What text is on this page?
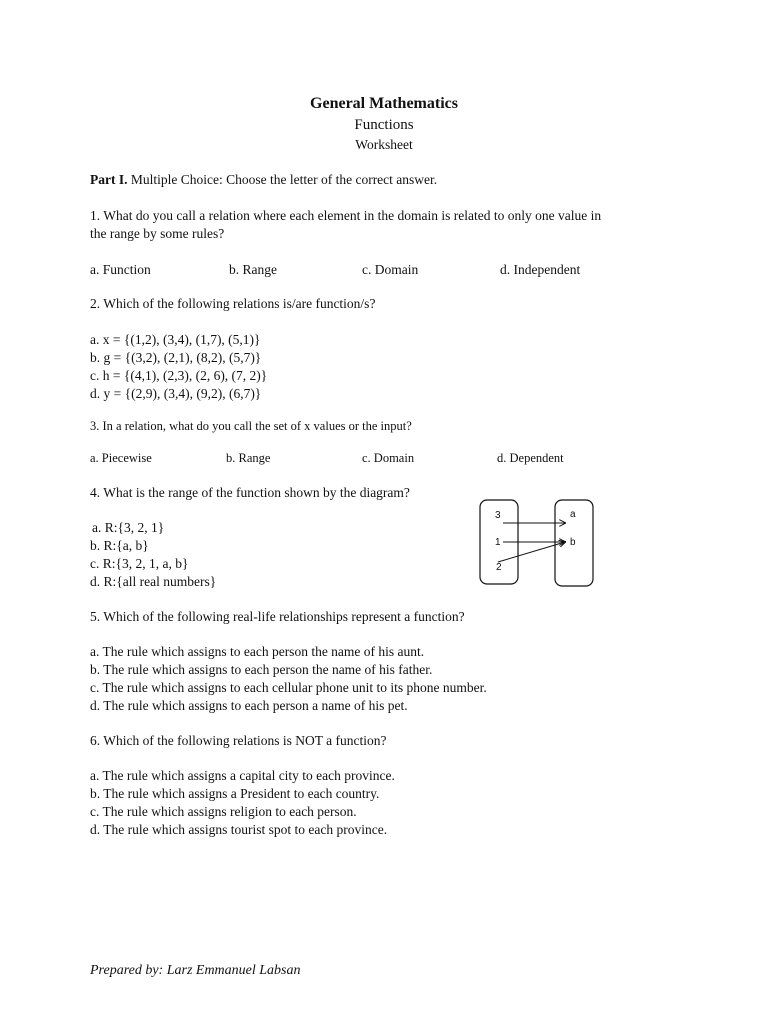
General Mathematics
Functions
Worksheet
Part I. Multiple Choice: Choose the letter of the correct answer.
1. What do you call a relation where each element in the domain is related to only one value in
the range by some rules?
a. Function	b. Range	c. Domain	d. Independent
2. Which of the following relations is/are function/s?
a. x = {(1,2), (3,4), (1,7), (5,1)}
b. g = {(3,2), (2,1), (8,2), (5,7)}
c. h = {(4,1), (2,3), (2, 6), (7, 2)}
d. y = {(2,9), (3,4), (9,2), (6,7)}
3. In a relation, what do you call the set of x values or the input?
a. Piecewise	b. Range	c. Domain	d. Dependent
4. What is the range of the function shown by the diagram?
a. R:{3, 2, 1}
b. R:{a, b}
c. R:{3, 2, 1, a, b}
d. R:{all real numbers}
3
1
2
a
b
5. Which of the following real-life relationships represent a function?
a. The rule which assigns to each person the name of his aunt.
b. The rule which assigns to each person the name of his father.
c. The rule which assigns to each cellular phone unit to its phone number.
d. The rule which assigns to each person a name of his pet.
6. Which of the following relations is NOT a function?
a. The rule which assigns a capital city to each province.
b. The rule which assigns a President to each country.
c. The rule which assigns religion to each person.
d. The rule which assigns tourist spot to each province.
Prepared by: Larz Emmanuel Labsan
